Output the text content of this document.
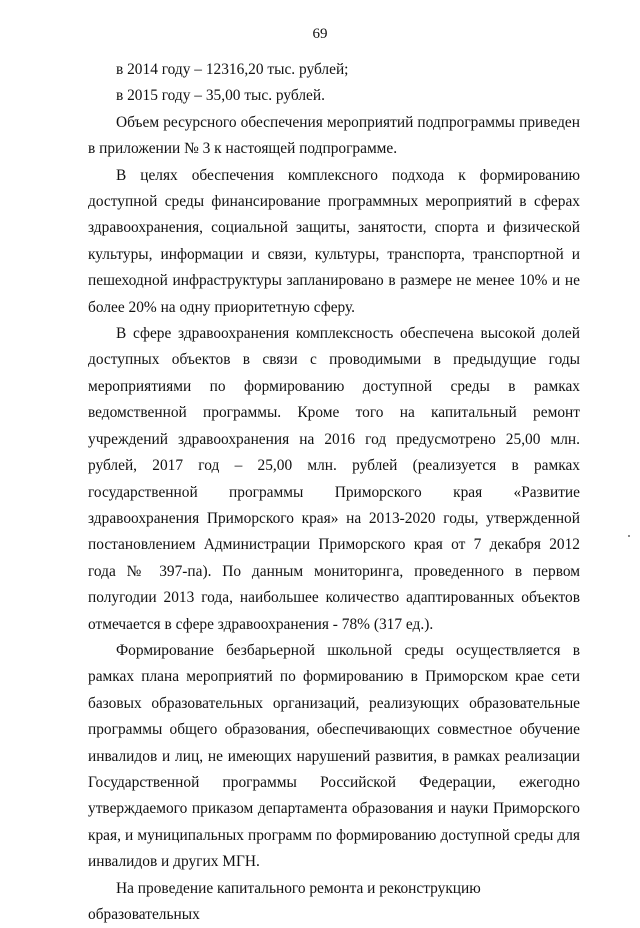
69
в 2014 году – 12316,20 тыс. рублей;
в 2015 году – 35,00 тыс. рублей.

Объем ресурсного обеспечения мероприятий подпрограммы приведен в приложении № 3 к настоящей подпрограмме.

В целях обеспечения комплексного подхода к формированию доступной среды финансирование программных мероприятий в сферах здравоохранения, социальной защиты, занятости, спорта и физической культуры, информации и связи, культуры, транспорта, транспортной и пешеходной инфраструктуры запланировано в размере не менее 10% и не более 20% на одну приоритетную сферу.

В сфере здравоохранения комплексность обеспечена высокой долей доступных объектов в связи с проводимыми в предыдущие годы мероприятиями по формированию доступной среды в рамках ведомственной программы. Кроме того на капитальный ремонт учреждений здравоохранения на 2016 год предусмотрено 25,00 млн. рублей, 2017 год – 25,00 млн. рублей (реализуется в рамках государственной программы Приморского края «Развитие здравоохранения Приморского края» на 2013-2020 годы, утвержденной постановлением Администрации Приморского края от 7 декабря 2012 года № 397-па). По данным мониторинга, проведенного в первом полугодии 2013 года, наибольшее количество адаптированных объектов отмечается в сфере здравоохранения - 78% (317 ед.).

Формирование безбарьерной школьной среды осуществляется в рамках плана мероприятий по формированию в Приморском крае сети базовых образовательных организаций, реализующих образовательные программы общего образования, обеспечивающих совместное обучение инвалидов и лиц, не имеющих нарушений развития, в рамках реализации Государственной программы Российской Федерации, ежегодно утверждаемого приказом департамента образования и науки Приморского края, и муниципальных программ по формированию доступной среды для инвалидов и других МГН.

На проведение капитального ремонта и реконструкцию образовательных
